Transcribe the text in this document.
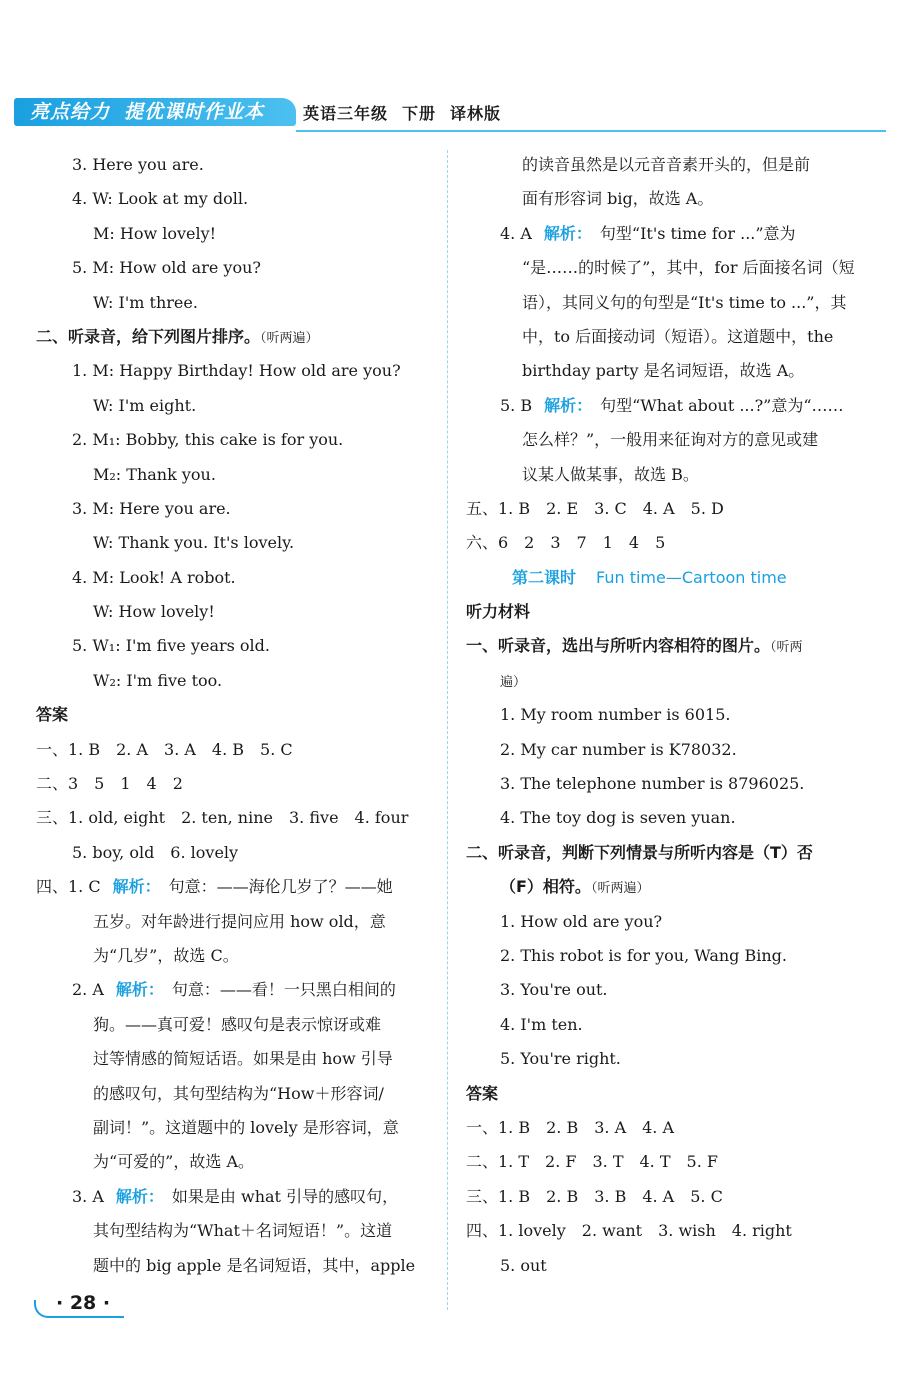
亮点给力 提优课时作业本	英语三年级 下册 译林版
3. Here you are.
4. W: Look at my doll.
M: How lovely!
5. M: How old are you?
W: I'm three.
二、听录音，给下列图片排序。（听两遍）
1. M: Happy Birthday! How old are you?
W: I'm eight.
2. M₁: Bobby, this cake is for you.
M₂: Thank you.
3. M: Here you are.
W: Thank you. It's lovely.
4. M: Look! A robot.
W: How lovely!
5. W₁: I'm five years old.
W₂: I'm five too.
答案
一、1. B　2. A　3. A　4. B　5. C
二、3　5　1　4　2
三、1. old, eight　2. ten, nine　3. five　4. four
5. boy, old　6. lovely
四、1. C 解析： 句意：——海伦几岁了？——她
五岁。对年龄进行提问应用 how old，意
为“几岁”，故选 C。
2. A 解析： 句意：——看！一只黑白相间的
狗。——真可爱！感叹句是表示惊讶或难
过等情感的简短话语。如果是由 how 引导
的感叹句，其句型结构为“How＋形容词/
副词！”。这道题中的 lovely 是形容词，意
为“可爱的”，故选 A。
3. A 解析： 如果是由 what 引导的感叹句，
其句型结构为“What＋名词短语！”。这道
题中的 big apple 是名词短语，其中，apple
的读音虽然是以元音音素开头的，但是前
面有形容词 big，故选 A。
4. A 解析： 句型“It's time for ...”意为
“是……的时候了”，其中，for 后面接名词（短
语），其同义句的句型是“It's time to ...”，其
中，to 后面接动词（短语）。这道题中，the
birthday party 是名词短语，故选 A。
5. B 解析： 句型“What about ...?”意为“……
怎么样？”，一般用来征询对方的意见或建
议某人做某事，故选 B。
五、1. B　2. E　3. C　4. A　5. D
六、6　2　3　7　1　4　5
第二课时 Fun time—Cartoon time
听力材料
一、听录音，选出与所听内容相符的图片。（听两
遍）
1. My room number is 6015.
2. My car number is K78032.
3. The telephone number is 8796025.
4. The toy dog is seven yuan.
二、听录音，判断下列情景与所听内容是（T）否
（F）相符。（听两遍）
1. How old are you?
2. This robot is for you, Wang Bing.
3. You're out.
4. I'm ten.
5. You're right.
答案
一、1. B　2. B　3. A　4. A
二、1. T　2. F　3. T　4. T　5. F
三、1. B　2. B　3. B　4. A　5. C
四、1. lovely　2. want　3. wish　4. right
5. out
· 28 ·
